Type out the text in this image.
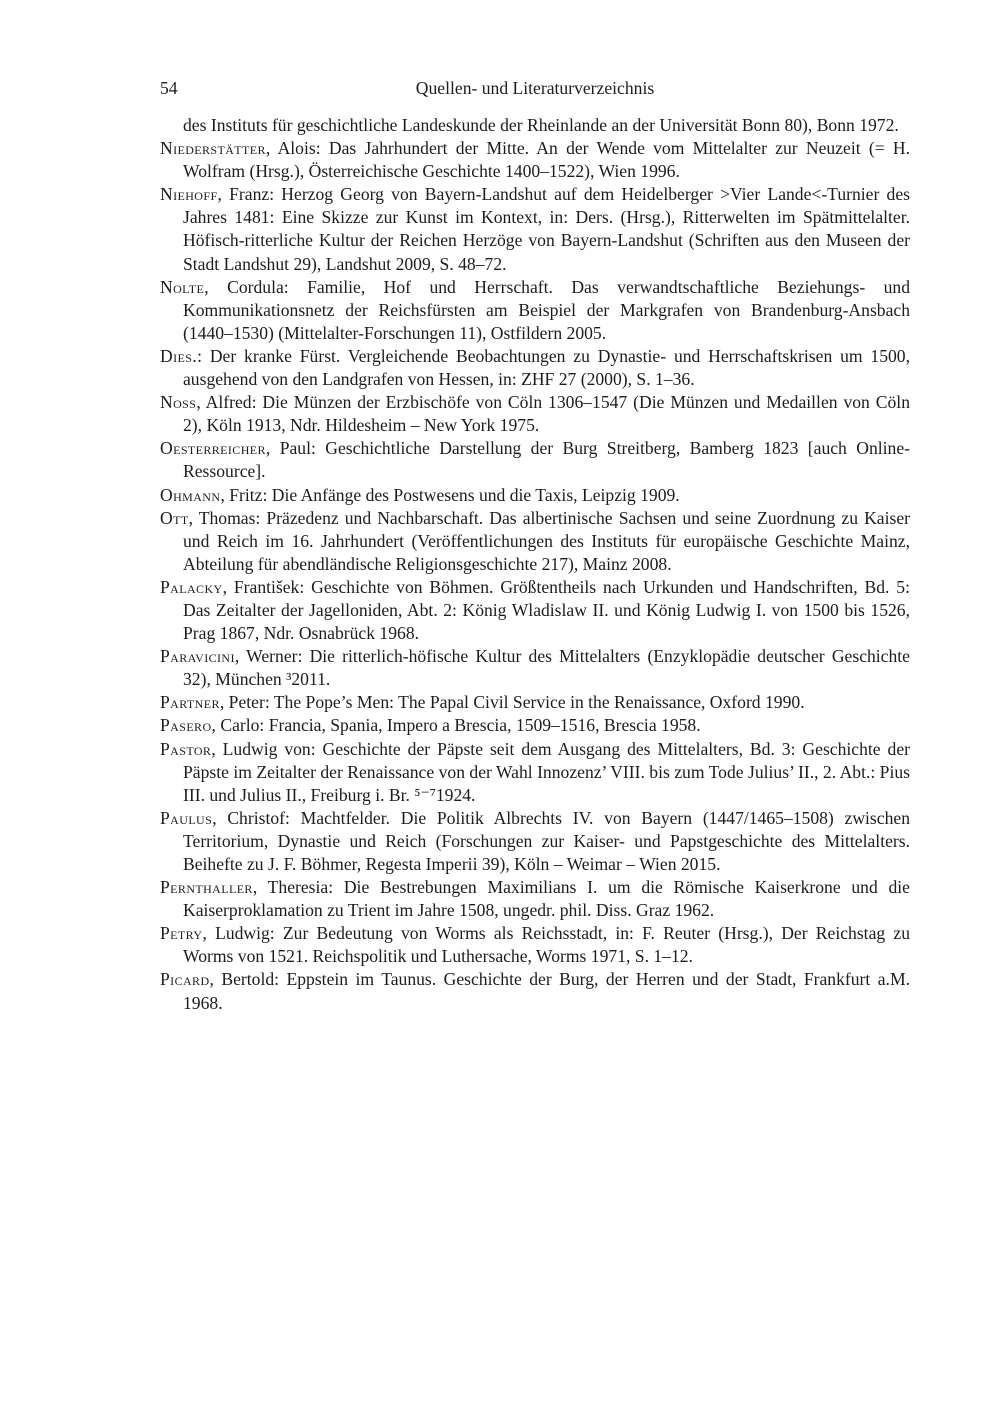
54	Quellen- und Literaturverzeichnis

des Instituts für geschichtliche Landeskunde der Rheinlande an der Universität Bonn 80), Bonn 1972.

Niederstätter, Alois: Das Jahrhundert der Mitte. An der Wende vom Mittelalter zur Neuzeit (= H. Wolfram (Hrsg.), Österreichische Geschichte 1400–1522), Wien 1996.

Niehoff, Franz: Herzog Georg von Bayern-Landshut auf dem Heidelberger >Vier Lande<-Turnier des Jahres 1481: Eine Skizze zur Kunst im Kontext, in: Ders. (Hrsg.), Ritterwelten im Spätmittelalter. Höfisch-ritterliche Kultur der Reichen Herzöge von Bayern-Landshut (Schriften aus den Museen der Stadt Landshut 29), Landshut 2009, S. 48–72.

Nolte, Cordula: Familie, Hof und Herrschaft. Das verwandtschaftliche Beziehungs- und Kommunikationsnetz der Reichsfürsten am Beispiel der Markgrafen von Brandenburg-Ansbach (1440–1530) (Mittelalter-Forschungen 11), Ostfildern 2005.

Dies.: Der kranke Fürst. Vergleichende Beobachtungen zu Dynastie- und Herrschaftskrisen um 1500, ausgehend von den Landgrafen von Hessen, in: ZHF 27 (2000), S. 1–36.

Noss, Alfred: Die Münzen der Erzbischöfe von Cöln 1306–1547 (Die Münzen und Medaillen von Cöln 2), Köln 1913, Ndr. Hildesheim – New York 1975.

Oesterreicher, Paul: Geschichtliche Darstellung der Burg Streitberg, Bamberg 1823 [auch Online-Ressource].

Ohmann, Fritz: Die Anfänge des Postwesens und die Taxis, Leipzig 1909.

Ott, Thomas: Präzedenz und Nachbarschaft. Das albertinische Sachsen und seine Zuordnung zu Kaiser und Reich im 16. Jahrhundert (Veröffentlichungen des Instituts für europäische Geschichte Mainz, Abteilung für abendländische Religionsgeschichte 217), Mainz 2008.

Palacky, František: Geschichte von Böhmen. Größtentheils nach Urkunden und Handschriften, Bd. 5: Das Zeitalter der Jagelloniden, Abt. 2: König Wladislaw II. und König Ludwig I. von 1500 bis 1526, Prag 1867, Ndr. Osnabrück 1968.

Paravicini, Werner: Die ritterlich-höfische Kultur des Mittelalters (Enzyklopädie deutscher Geschichte 32), München ³2011.

Partner, Peter: The Pope’s Men: The Papal Civil Service in the Renaissance, Oxford 1990.

Pasero, Carlo: Francia, Spania, Impero a Brescia, 1509–1516, Brescia 1958.

Pastor, Ludwig von: Geschichte der Päpste seit dem Ausgang des Mittelalters, Bd. 3: Geschichte der Päpste im Zeitalter der Renaissance von der Wahl Innozenz’ VIII. bis zum Tode Julius’ II., 2. Abt.: Pius III. und Julius II., Freiburg i. Br. ⁵⁻⁷1924.

Paulus, Christof: Machtfelder. Die Politik Albrechts IV. von Bayern (1447/1465–1508) zwischen Territorium, Dynastie und Reich (Forschungen zur Kaiser- und Papstgeschichte des Mittelalters. Beihefte zu J. F. Böhmer, Regesta Imperii 39), Köln – Weimar – Wien 2015.

Pernthaller, Theresia: Die Bestrebungen Maximilians I. um die Römische Kaiserkrone und die Kaiserproklamation zu Trient im Jahre 1508, ungedr. phil. Diss. Graz 1962.

Petry, Ludwig: Zur Bedeutung von Worms als Reichsstadt, in: F. Reuter (Hrsg.), Der Reichstag zu Worms von 1521. Reichspolitik und Luthersache, Worms 1971, S. 1–12.

Picard, Bertold: Eppstein im Taunus. Geschichte der Burg, der Herren und der Stadt, Frankfurt a.M. 1968.
